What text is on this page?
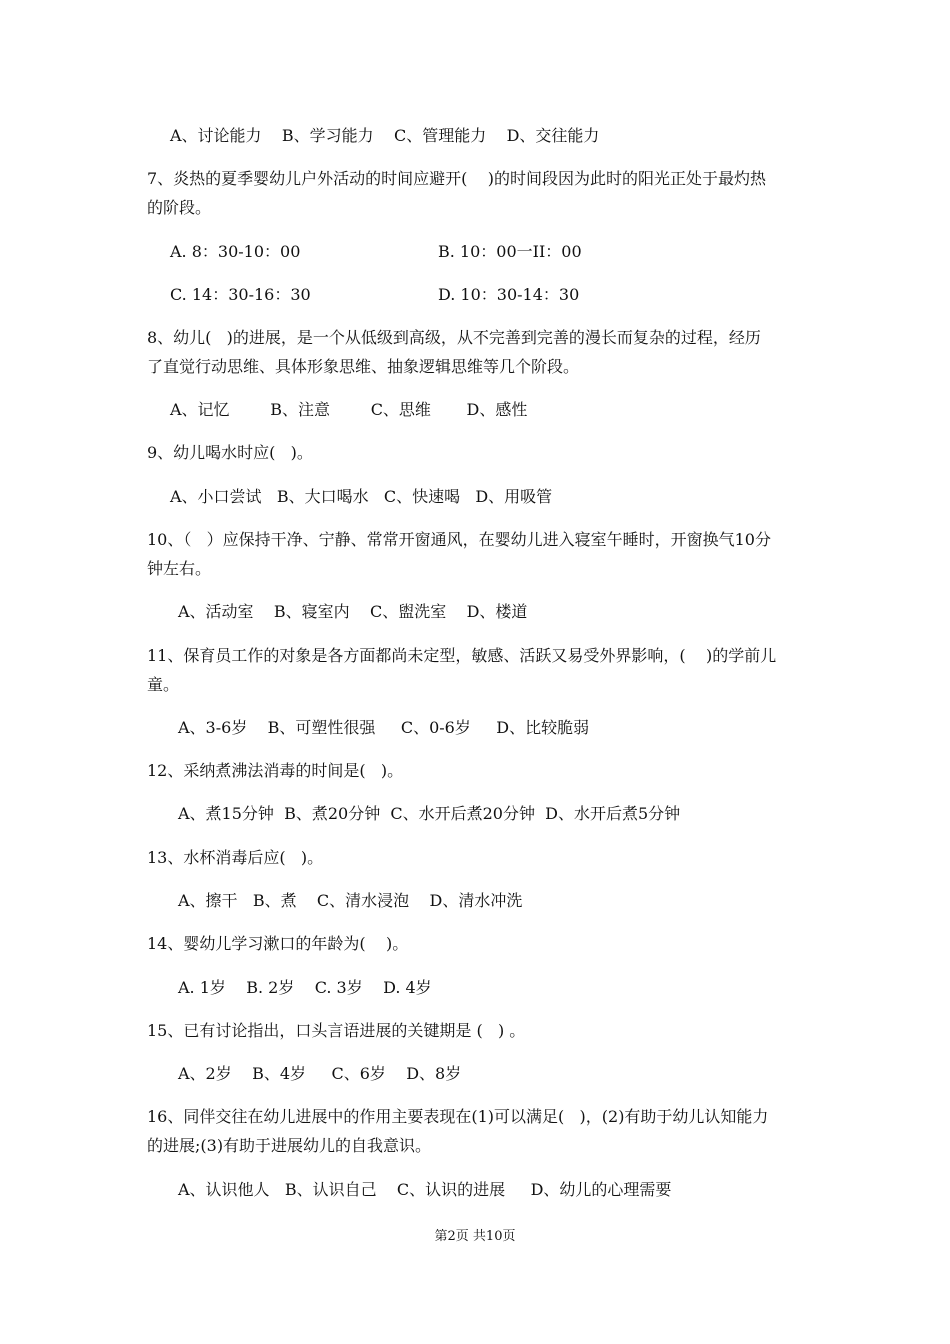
A、讨论能力    B、学习能力    C、管理能力    D、交往能力
7、炎热的夏季婴幼儿户外活动的时间应避开(    )的时间段因为此时的阳光正处于最灼热
的阶段。
A. 8：30-10：00	B. 10：00一II：00
C. 14：30-16：30	D. 10：30-14：30
8、幼儿(   )的进展，是一个从低级到高级，从不完善到完善的漫长而复杂的过程，经历
了直觉行动思维、具体形象思维、抽象逻辑思维等几个阶段。
A、记忆        B、注意        C、思维       D、感性
9、幼儿喝水时应(   )。
A、小口尝试   B、大口喝水   C、快速喝   D、用吸管
10、（   ）应保持干净、宁静、常常开窗通风，在婴幼儿进入寝室午睡时，开窗换气10分
钟左右。
A、活动室    B、寝室内    C、盥洗室    D、楼道
11、保育员工作的对象是各方面都尚未定型，敏感、活跃又易受外界影响，(    )的学前儿
童。
A、3-6岁    B、可塑性很强     C、0-6岁     D、比较脆弱
12、采纳煮沸法消毒的时间是(   )。
A、煮15分钟  B、煮20分钟  C、水开后煮20分钟  D、水开后煮5分钟
13、水杯消毒后应(   )。
A、擦干   B、煮    C、清水浸泡    D、清水冲洗
14、婴幼儿学习漱口的年龄为(    )。
A. 1岁    B. 2岁    C. 3岁    D. 4岁
15、已有讨论指出，口头言语进展的关键期是 (   ) 。
A、2岁    B、4岁     C、6岁    D、8岁
16、同伴交往在幼儿进展中的作用主要表现在(1)可以满足(   )，(2)有助于幼儿认知能力
的进展;(3)有助于进展幼儿的自我意识。
A、认识他人   B、认识自己    C、认识的进展     D、幼儿的心理需要
第2页 共10页
